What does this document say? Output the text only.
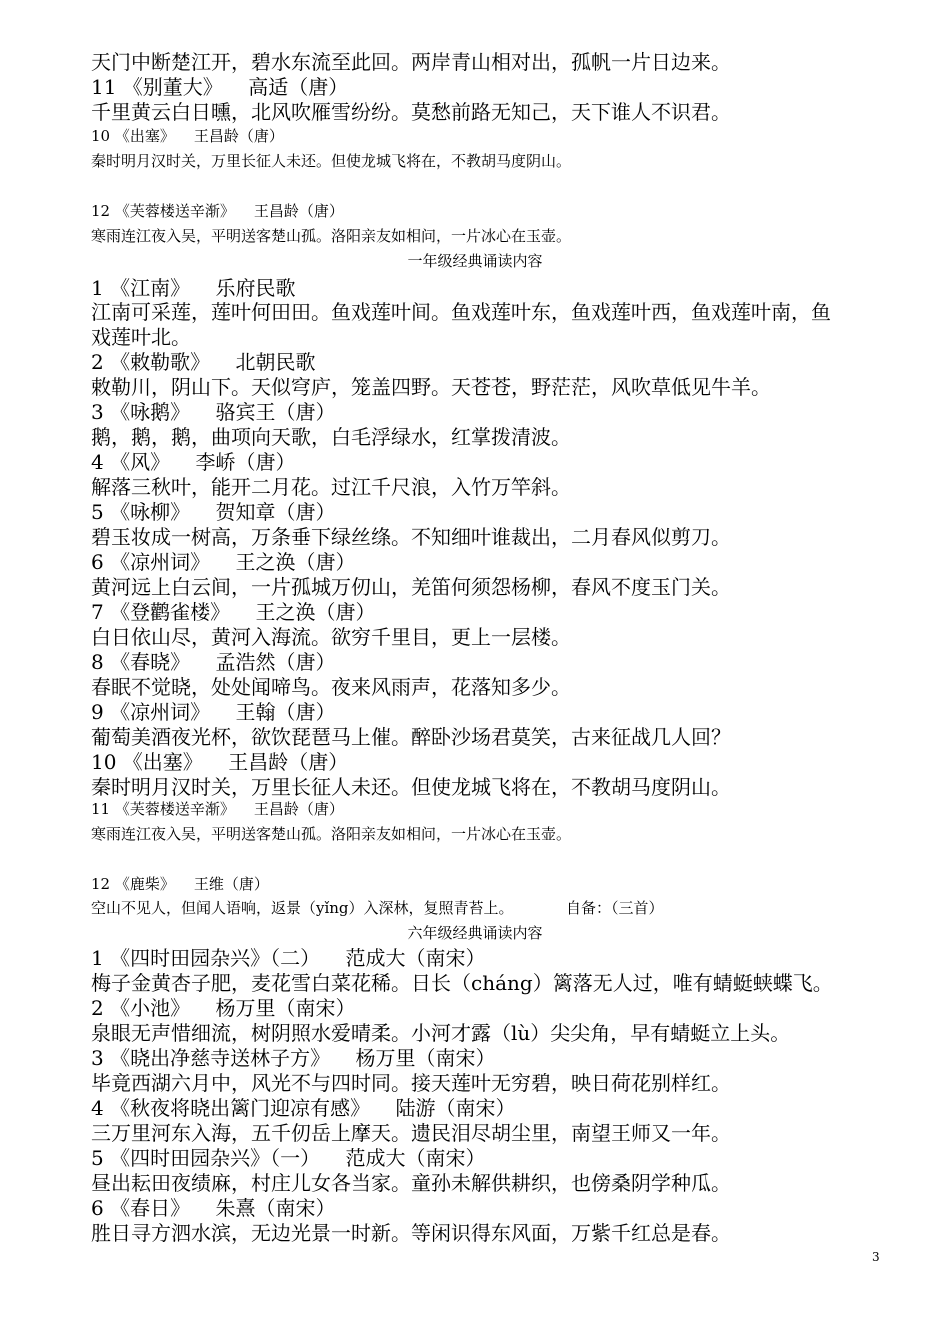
天门中断楚江开，碧水东流至此回。两岸青山相对出，孤帆一片日边来。
11 《别董大》    高适（唐）
千里黄云白日曛，北风吹雁雪纷纷。莫愁前路无知己，天下谁人不识君。
10 《出塞》    王昌龄（唐）
秦时明月汉时关，万里长征人未还。但使龙城飞将在，不教胡马度阴山。
12 《芙蓉楼送辛渐》    王昌龄（唐）
寒雨连江夜入吴，平明送客楚山孤。洛阳亲友如相问，一片冰心在玉壶。
一年级经典诵读内容
1 《江南》    乐府民歌
江南可采莲，莲叶何田田。鱼戏莲叶间。鱼戏莲叶东，鱼戏莲叶西，鱼戏莲叶南，鱼
戏莲叶北。
2 《敕勒歌》    北朝民歌
敕勒川，阴山下。天似穹庐，笼盖四野。天苍苍，野茫茫，风吹草低见牛羊。
3 《咏鹅》    骆宾王（唐）
鹅，鹅，鹅，曲项向天歌，白毛浮绿水，红掌拨清波。
4 《风》    李峤（唐）
解落三秋叶，能开二月花。过江千尺浪，入竹万竿斜。
5 《咏柳》    贺知章（唐）
碧玉妆成一树高，万条垂下绿丝绦。不知细叶谁裁出，二月春风似剪刀。
6 《凉州词》    王之涣（唐）
黄河远上白云间，一片孤城万仞山，羌笛何须怨杨柳，春风不度玉门关。
7 《登鹳雀楼》    王之涣（唐）
白日依山尽，黄河入海流。欲穷千里目，更上一层楼。
8 《春晓》    孟浩然（唐）
春眠不觉晓，处处闻啼鸟。夜来风雨声，花落知多少。
9 《凉州词》    王翰（唐）
葡萄美酒夜光杯，欲饮琵琶马上催。醉卧沙场君莫笑，古来征战几人回？
10 《出塞》    王昌龄（唐）
秦时明月汉时关，万里长征人未还。但使龙城飞将在，不教胡马度阴山。
11 《芙蓉楼送辛渐》    王昌龄（唐）
寒雨连江夜入吴，平明送客楚山孤。洛阳亲友如相问，一片冰心在玉壶。
12 《鹿柴》    王维（唐）
空山不见人，但闻人语响，返景（yǐng）入深林，复照青苔上。           自备：（三首）
六年级经典诵读内容
1 《四时田园杂兴》（二）    范成大（南宋）
梅子金黄杏子肥，麦花雪白菜花稀。日长（cháng）篱落无人过，唯有蜻蜓蛱蝶飞。
2 《小池》    杨万里（南宋）
泉眼无声惜细流，树阴照水爱晴柔。小河才露（lù）尖尖角，早有蜻蜓立上头。
3 《晓出净慈寺送林子方》    杨万里（南宋）
毕竟西湖六月中，风光不与四时同。接天莲叶无穷碧，映日荷花别样红。
4 《秋夜将晓出篱门迎凉有感》    陆游（南宋）
三万里河东入海，五千仞岳上摩天。遗民泪尽胡尘里，南望王师又一年。
5 《四时田园杂兴》（一）    范成大（南宋）
昼出耘田夜绩麻，村庄儿女各当家。童孙未解供耕织，也傍桑阴学种瓜。
6 《春日》    朱熹（南宋）
胜日寻方泗水滨，无边光景一时新。等闲识得东风面，万紫千红总是春。
3
